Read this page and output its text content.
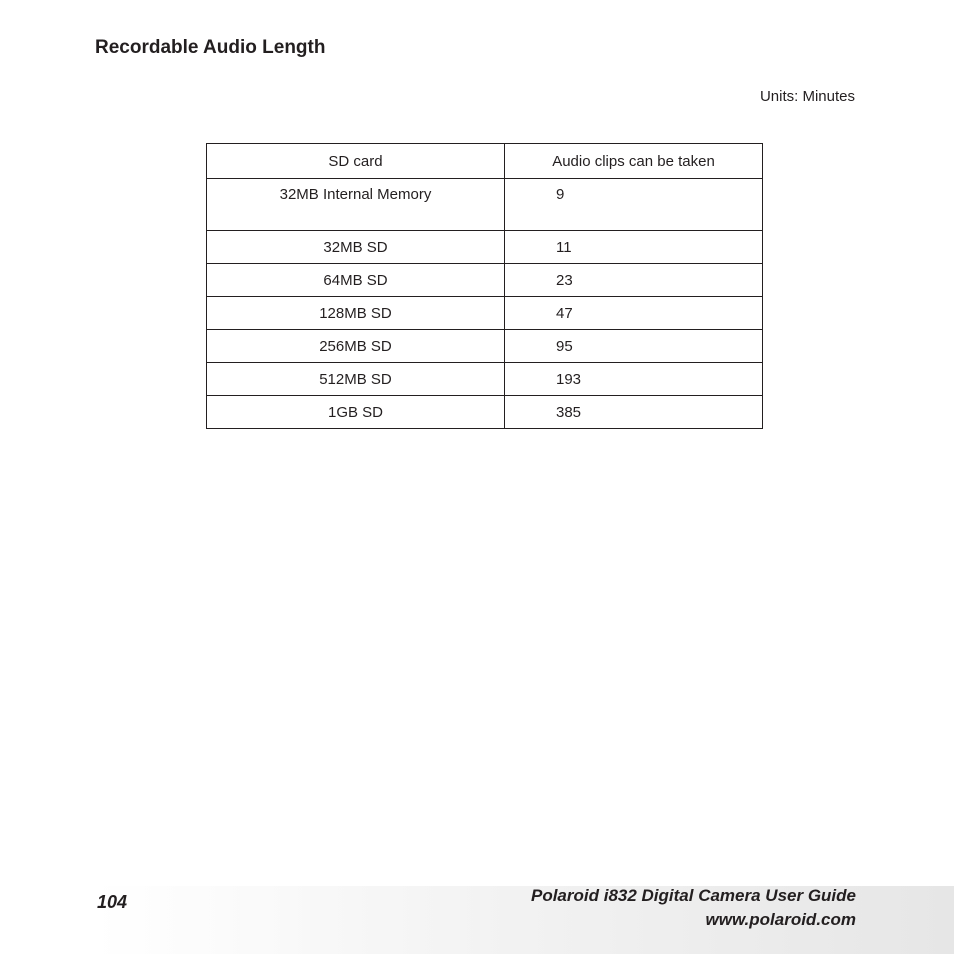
Recordable Audio Length
Units: Minutes
SD card	Audio clips can be taken
32MB Internal Memory	9
32MB SD	11
64MB SD	23
128MB SD	47
256MB SD	95
512MB SD	193
1GB SD	385
104	Polaroid i832 Digital Camera User Guide
www.polaroid.com
